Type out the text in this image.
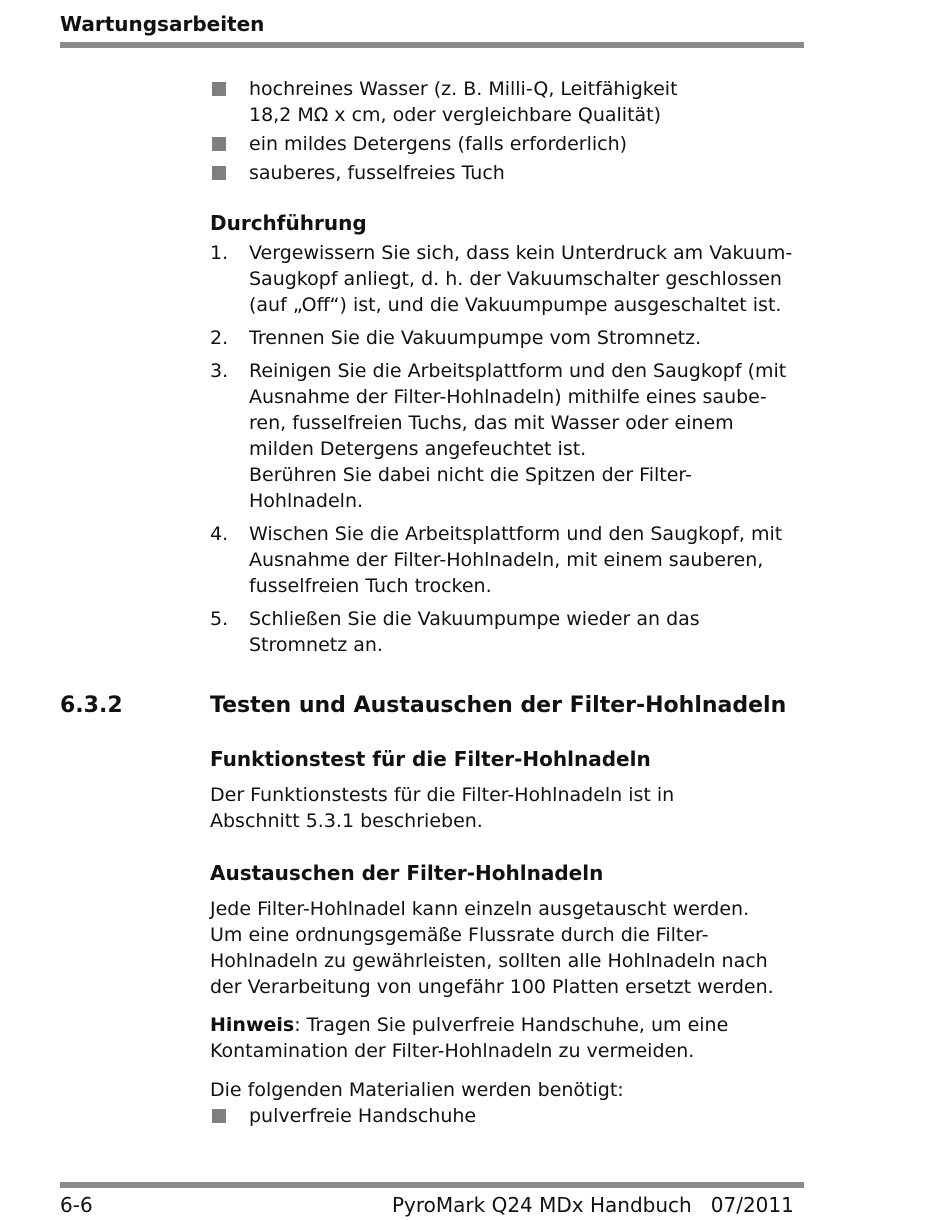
Wartungsarbeiten
hochreines Wasser (z. B. Milli-Q, Leitfähigkeit
18,2 MΩ x cm, oder vergleichbare Qualität)
ein mildes Detergens (falls erforderlich)
sauberes, fusselfreies Tuch
Durchführung
1. Vergewissern Sie sich, dass kein Unterdruck am Vakuum-
Saugkopf anliegt, d. h. der Vakuumschalter geschlossen
(auf „Off“) ist, und die Vakuumpumpe ausgeschaltet ist.
2. Trennen Sie die Vakuumpumpe vom Stromnetz.
3. Reinigen Sie die Arbeitsplattform und den Saugkopf (mit
Ausnahme der Filter-Hohlnadeln) mithilfe eines saube-
ren, fusselfreien Tuchs, das mit Wasser oder einem
milden Detergens angefeuchtet ist.
Berühren Sie dabei nicht die Spitzen der Filter-
Hohlnadeln.
4. Wischen Sie die Arbeitsplattform und den Saugkopf, mit
Ausnahme der Filter-Hohlnadeln, mit einem sauberen,
fusselfreien Tuch trocken.
5. Schließen Sie die Vakuumpumpe wieder an das
Stromnetz an.
6.3.2	Testen und Austauschen der Filter-Hohlnadeln
Funktionstest für die Filter-Hohlnadeln

Der Funktionstests für die Filter-Hohlnadeln ist in
Abschnitt 5.3.1 beschrieben.

Austauschen der Filter-Hohlnadeln

Jede Filter-Hohlnadel kann einzeln ausgetauscht werden.
Um eine ordnungsgemäße Flussrate durch die Filter-
Hohlnadeln zu gewährleisten, sollten alle Hohlnadeln nach
der Verarbeitung von ungefähr 100 Platten ersetzt werden.

Hinweis: Tragen Sie pulverfreie Handschuhe, um eine
Kontamination der Filter-Hohlnadeln zu vermeiden.

Die folgenden Materialien werden benötigt:

pulverfreie Handschuhe
6-6	PyroMark Q24 MDx Handbuch   07/2011
